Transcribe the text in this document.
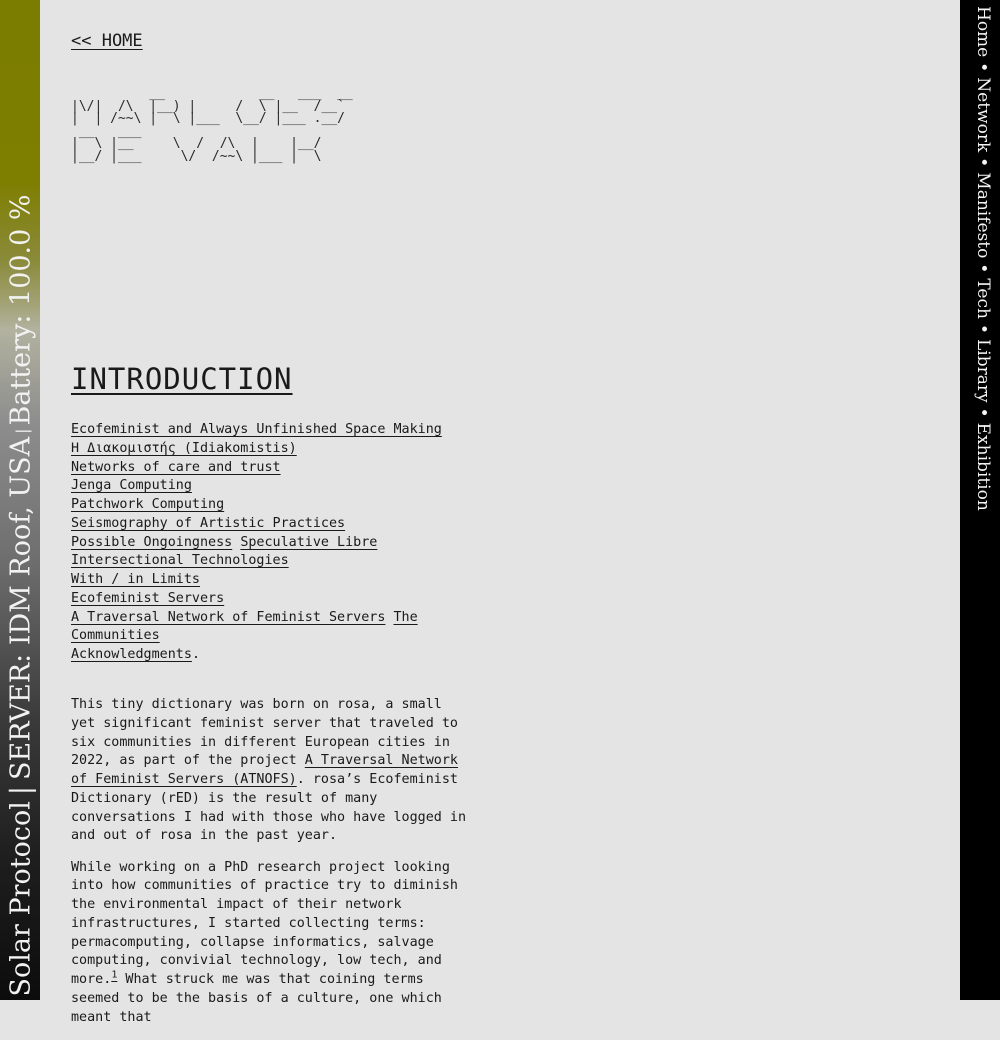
Solar Protocol|SERVER: IDM Roof, USA|Battery: 100.0 %
<< HOME
__            __   ___  __
|\/|  /\  |__) |     /  \ |__  /__`
|  | /~~\ |  \ |___  \__/ |___ .__/
__   ___
|  \ |__     \  /  /\  |    |__/
|__/ |___     \/  /~~\ |___ |  \
INTRODUCTION
Ecofeminist and Always Unfinished Space Making
Η Διακομιστής (Idiakomistis)
Networks of care and trust
Jenga Computing
Patchwork Computing
Seismography of Artistic Practices
Possible Ongoingness Speculative Libre Intersectional Technologies
With / in Limits
Ecofeminist Servers
A Traversal Network of Feminist Servers The Communities
Acknowledgments.

This tiny dictionary was born on rosa, a small yet significant feminist server that traveled to six communities in different European cities in 2022, as part of the project A Traversal Network of Feminist Servers (ATNOFS). rosa’s Ecofeminist Dictionary (rED) is the result of many conversations I had with those who have logged in and out of rosa in the past year.

While working on a PhD research project looking into how communities of practice try to diminish the environmental impact of their network infrastructures, I started collecting terms: permacomputing, collapse informatics, salvage computing, convivial technology, low tech, and more.$^1$ What struck me was that coining terms seemed to be the basis of a culture, one which meant that

Home•Network•Manifesto•Tech•Library•Exhibition
